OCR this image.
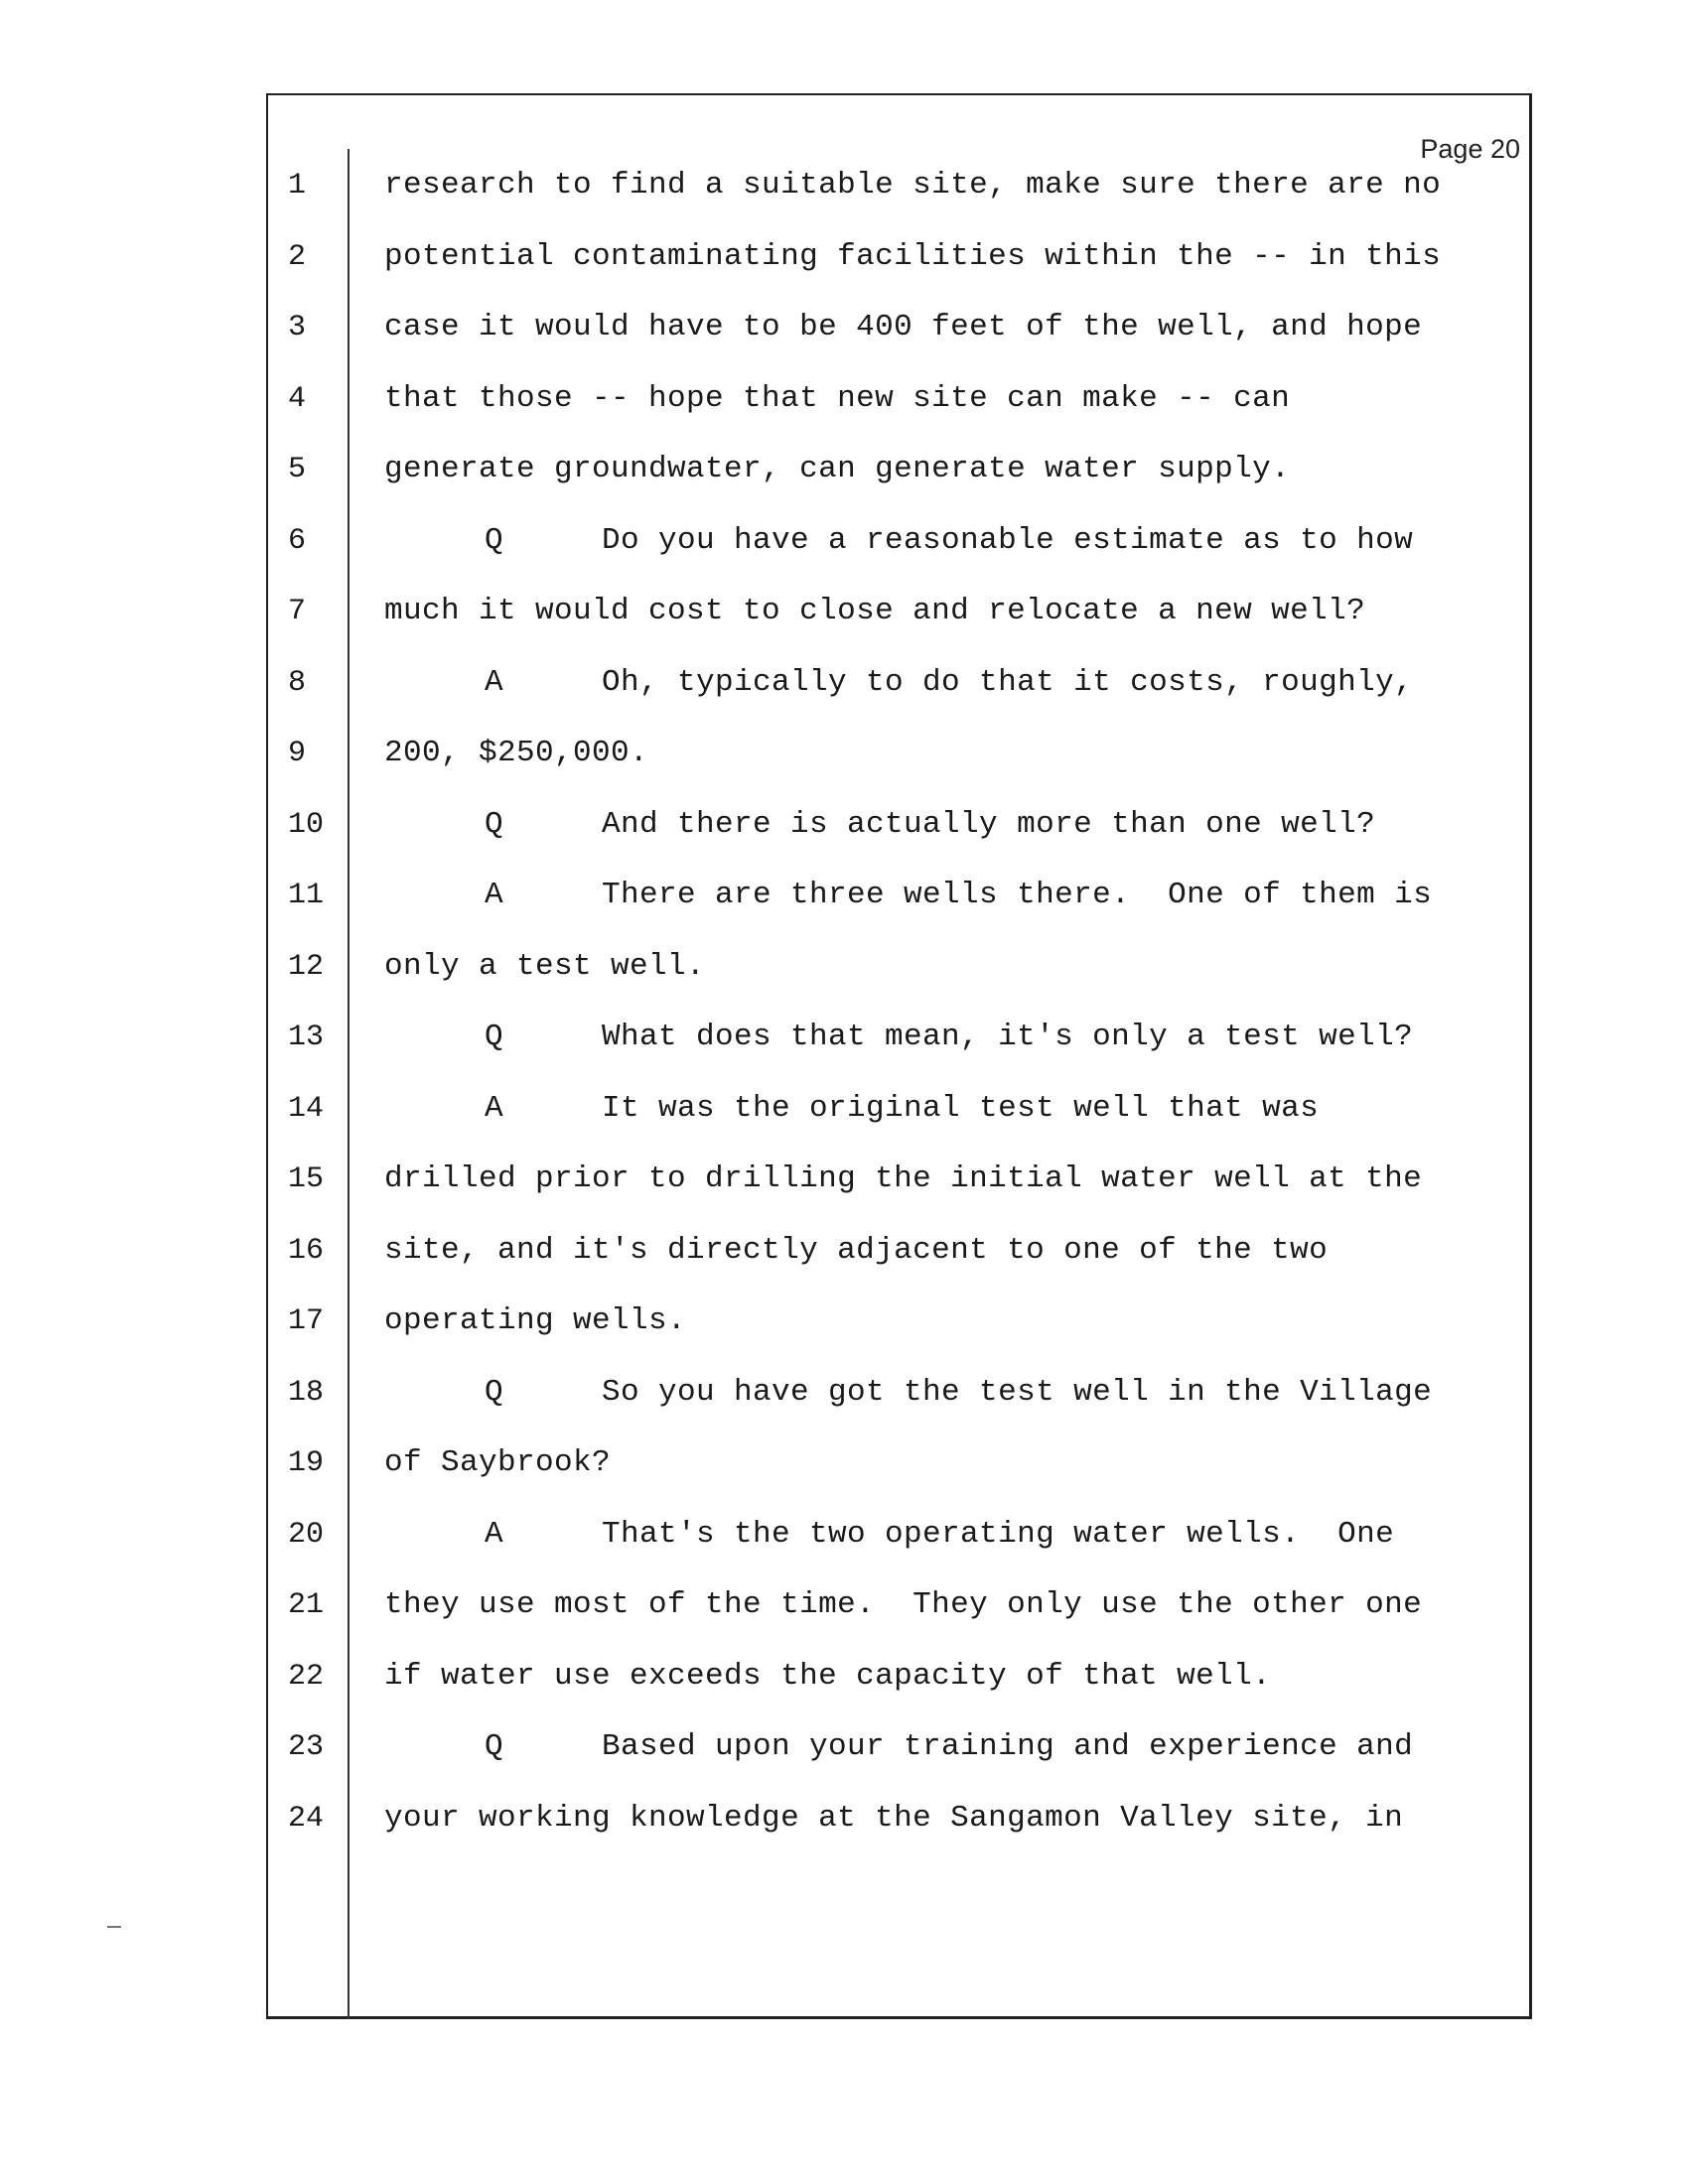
Page 20
1	research to find a suitable site, make sure there are no
2	potential contaminating facilities within the -- in this
3	case it would have to be 400 feet of the well, and hope
4	that those -- hope that new site can make -- can
5	generate groundwater, can generate water supply.
6	Q	Do you have a reasonable estimate as to how
7	much it would cost to close and relocate a new well?
8	A	Oh, typically to do that it costs, roughly,
9	200, $250,000.
10	Q	And there is actually more than one well?
11	A	There are three wells there.  One of them is
12	only a test well.
13	Q	What does that mean, it's only a test well?
14	A	It was the original test well that was
15	drilled prior to drilling the initial water well at the
16	site, and it's directly adjacent to one of the two
17	operating wells.
18	Q	So you have got the test well in the Village
19	of Saybrook?
20	A	That's the two operating water wells.  One
21	they use most of the time.  They only use the other one
22	if water use exceeds the capacity of that well.
23	Q	Based upon your training and experience and
24	your working knowledge at the Sangamon Valley site, in
